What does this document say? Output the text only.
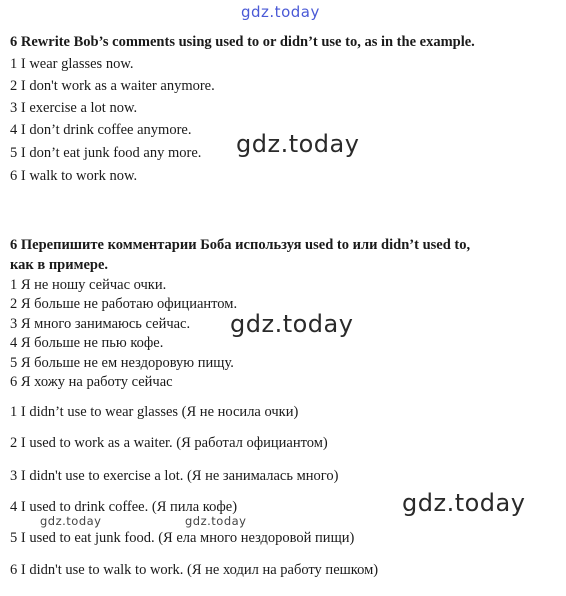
gdz.today
6 Rewrite Bob’s comments using used to or didn’t use to, as in the example.
1 I wear glasses now.
2 I don't work as a waiter anymore.
3 I exercise a lot now.
4 I don’t drink coffee anymore.
5 I don’t eat junk food any more.
6 I walk to work now.
gdz.today
6 Перепишите комментарии Боба используя used to или didn’t used to,
как в примере.
1 Я не ношу сейчас очки.
2 Я больше не работаю официантом.
3 Я много занимаюсь сейчас.
4 Я больше не пью кофе.
5 Я больше не ем нездоровую пищу.
6 Я хожу на работу сейчас
gdz.today
1 I didn’t use to wear glasses (Я не носила очки)
2 I used to work as a waiter. (Я работал официантом)
3 I didn't use to exercise a lot. (Я не занималась много)
4 I used to drink coffee. (Я пила кофе)
5 I used to eat junk food. (Я ела много нездоровой пищи)
6 I didn't use to walk to work. (Я не ходил на работу пешком)
gdz.today
gdz.today	gdz.today
